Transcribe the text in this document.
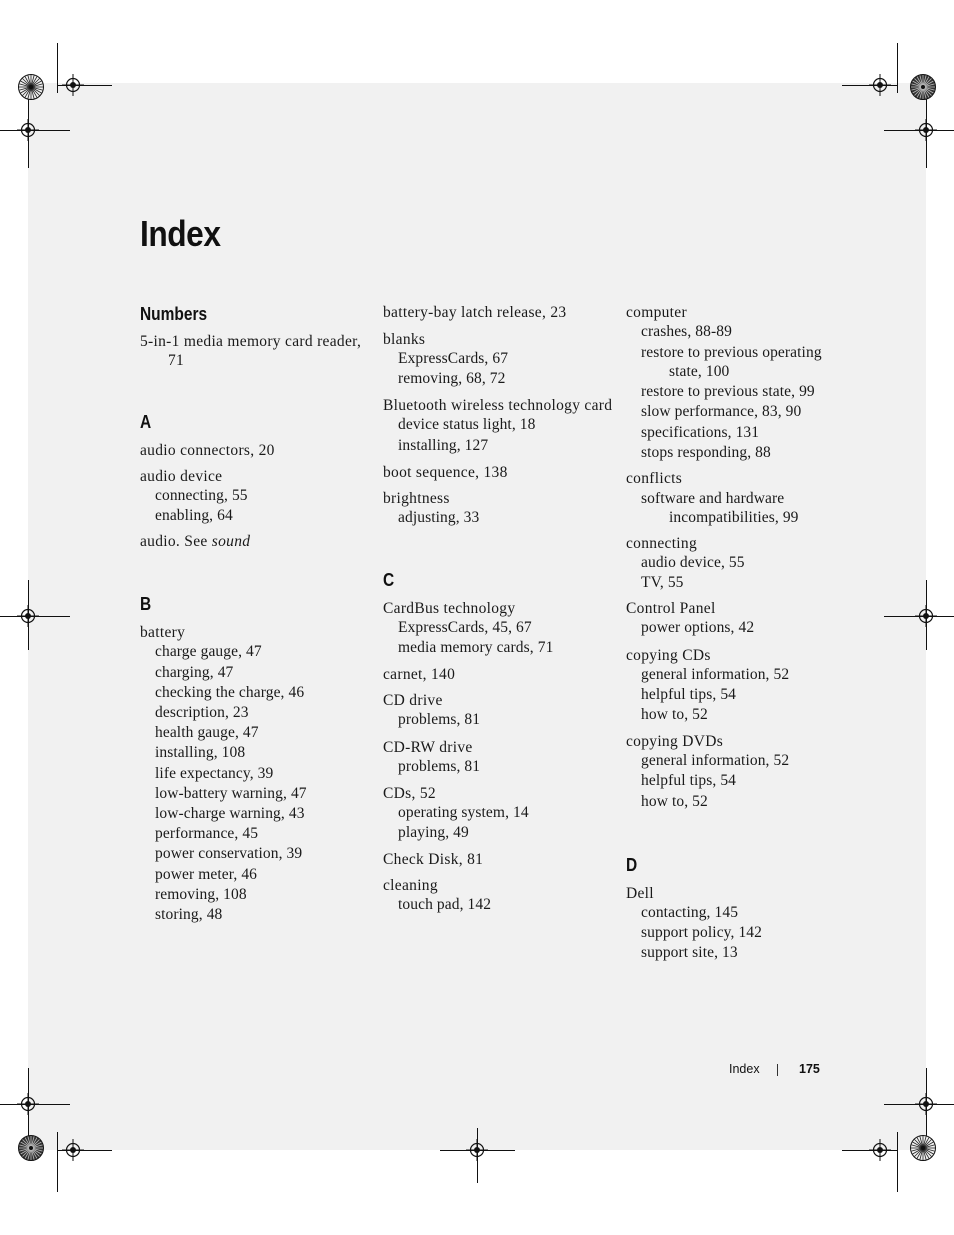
Index
Numbers
5-in-1 media memory card reader, 71
A
audio connectors, 20
audio device
connecting, 55
enabling, 64
audio. See sound
B
battery
charge gauge, 47
charging, 47
checking the charge, 46
description, 23
health gauge, 47
installing, 108
life expectancy, 39
low-battery warning, 47
low-charge warning, 43
performance, 45
power conservation, 39
power meter, 46
removing, 108
storing, 48
battery-bay latch release, 23
blanks
ExpressCards, 67
removing, 68, 72
Bluetooth wireless technology card
device status light, 18
installing, 127
boot sequence, 138
brightness
adjusting, 33
C
CardBus technology
ExpressCards, 45, 67
media memory cards, 71
carnet, 140
CD drive
problems, 81
CD-RW drive
problems, 81
CDs, 52
operating system, 14
playing, 49
Check Disk, 81
cleaning
touch pad, 142
computer
crashes, 88-89
restore to previous operating state, 100
restore to previous state, 99
slow performance, 83, 90
specifications, 131
stops responding, 88
conflicts
software and hardware incompatibilities, 99
connecting
audio device, 55
TV, 55
Control Panel
power options, 42
copying CDs
general information, 52
helpful tips, 54
how to, 52
copying DVDs
general information, 52
helpful tips, 54
how to, 52
D
Dell
contacting, 145
support policy, 142
support site, 13
Index	175
